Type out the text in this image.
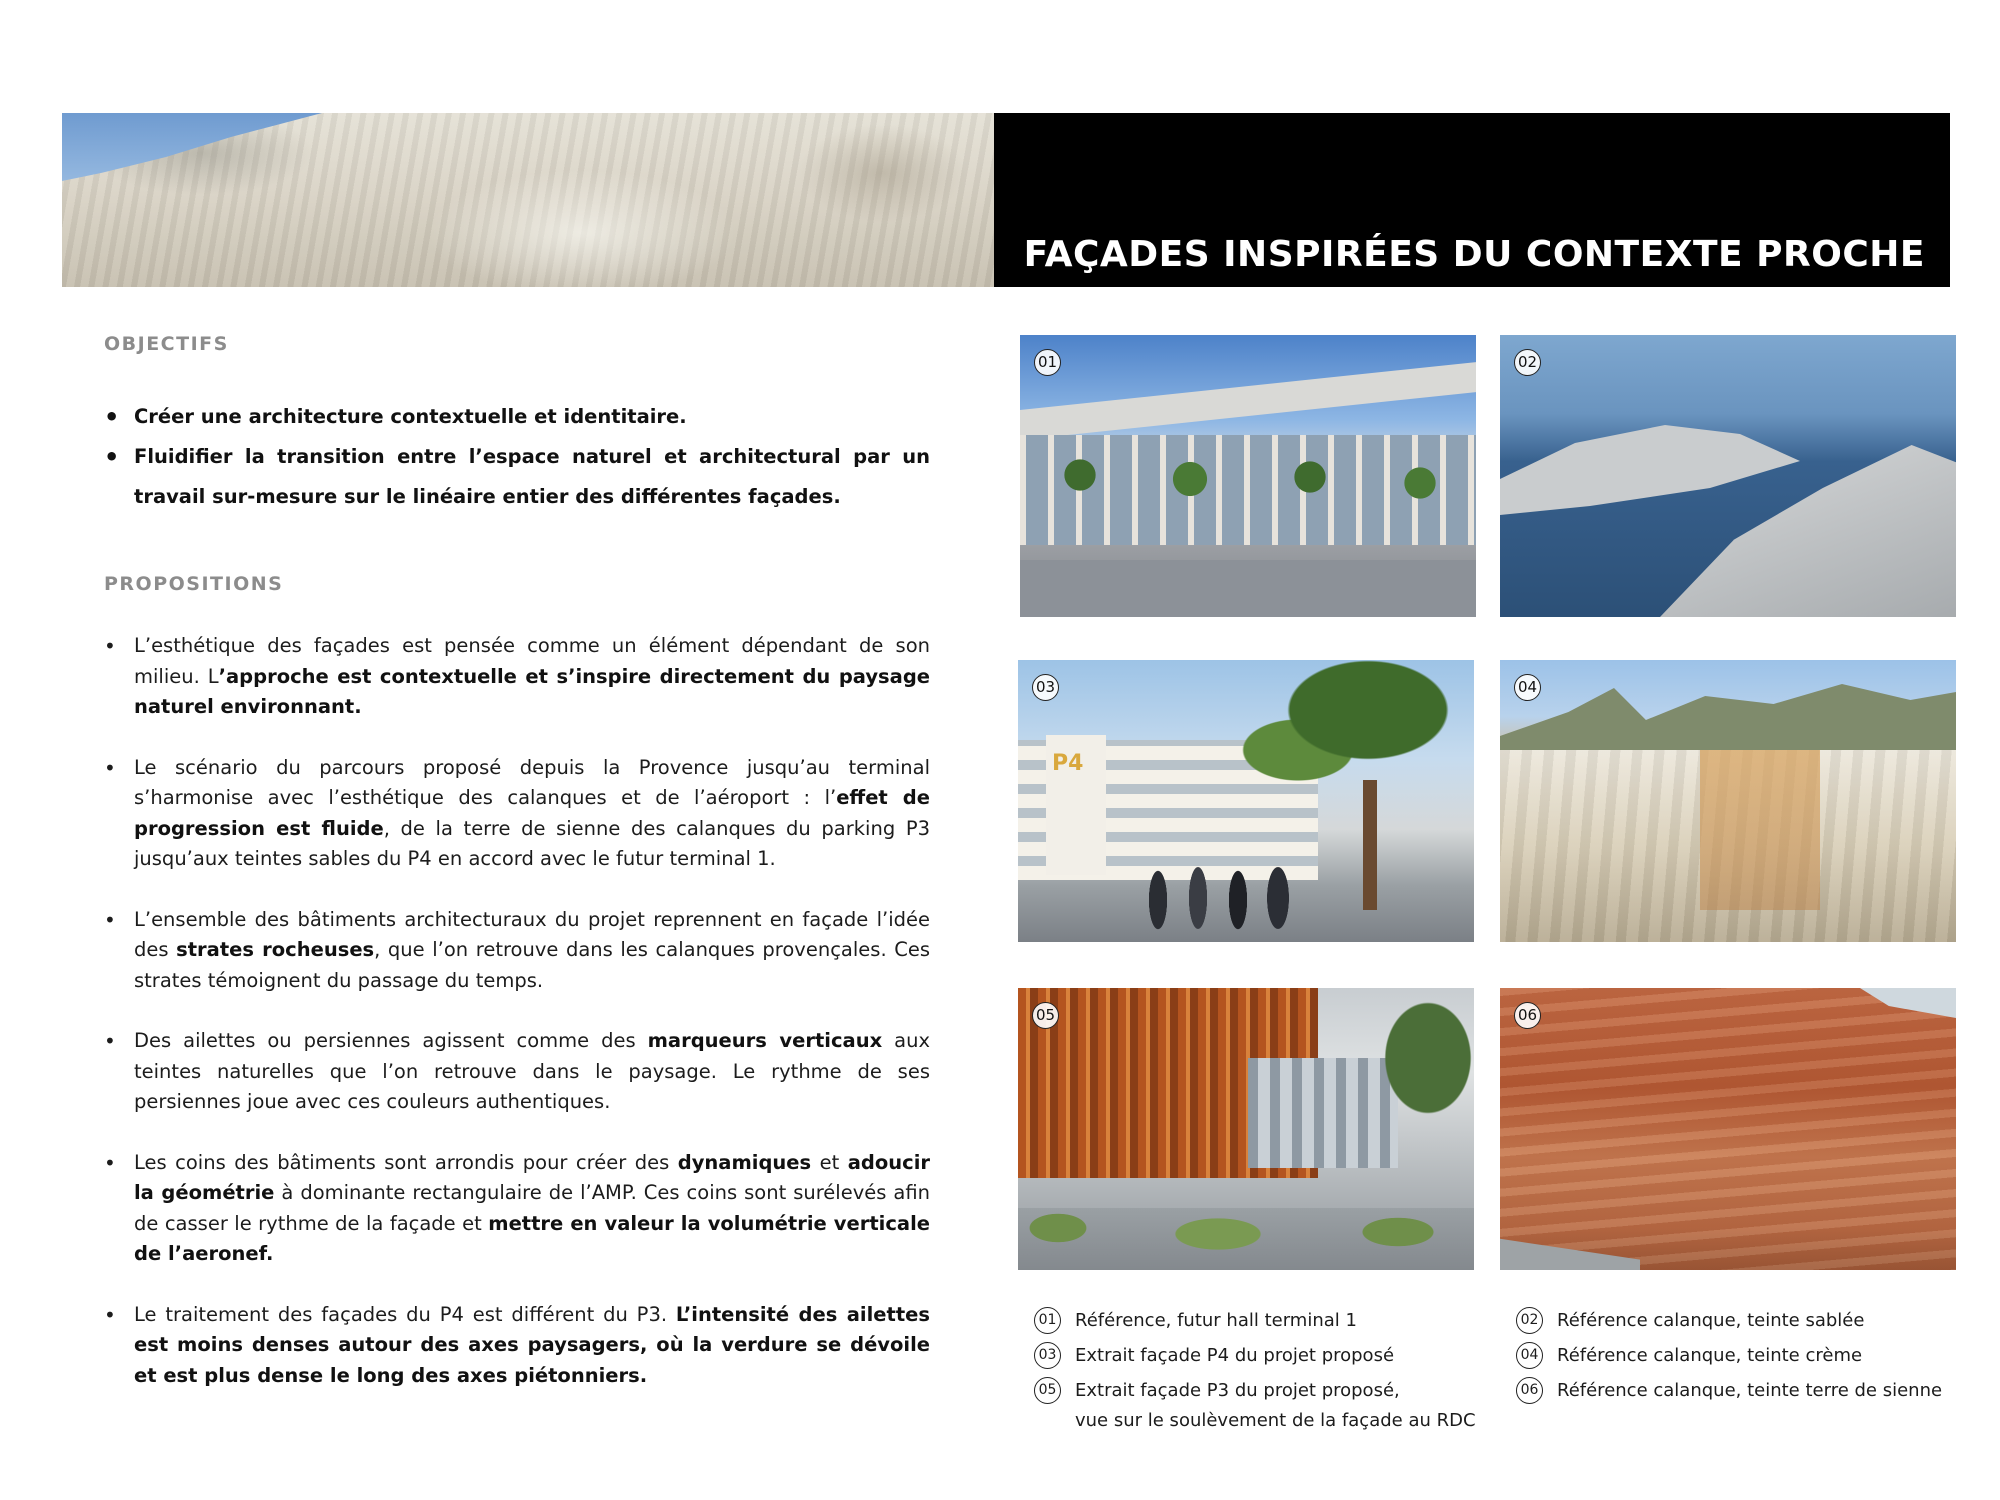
FAÇADES INSPIRÉES DU CONTEXTE PROCHE
OBJECTIFS
• Créer une architecture contextuelle et identitaire.
• Fluidifier la transition entre l’espace naturel et architectural par un travail sur-mesure sur le linéaire entier des différentes façades.
PROPOSITIONS
• L’esthétique des façades est pensée comme un élément dépendant de son milieu. L’approche est contextuelle et s’inspire directement du paysage naturel environnant.
• Le scénario du parcours proposé depuis la Provence jusqu’au terminal s’harmonise avec l’esthétique des calanques et de l’aéroport : l’effet de progression est fluide, de la terre de sienne des calanques du parking P3 jusqu’aux teintes sables du P4 en accord avec le futur terminal 1.
• L’ensemble des bâtiments architecturaux du projet reprennent en façade l’idée des strates rocheuses, que l’on retrouve dans les calanques provençales. Ces strates témoignent du passage du temps.
• Des ailettes ou persiennes agissent comme des marqueurs verticaux aux teintes naturelles que l’on retrouve dans le paysage. Le rythme de ses persiennes joue avec ces couleurs authentiques.
• Les coins des bâtiments sont arrondis pour créer des dynamiques et adoucir la géométrie à dominante rectangulaire de l’AMP. Ces coins sont surélevés afin de casser le rythme de la façade et mettre en valeur la volumétrie verticale de l’aeronef.
• Le traitement des façades du P4 est différent du P3. L’intensité des ailettes est moins denses autour des axes paysagers, où la verdure se dévoile et est plus dense le long des axes piétonniers.
01	02
P4
03	04
05	06
01 Référence, futur hall terminal 1
03 Extrait façade P4 du projet proposé
05 Extrait façade P3 du projet proposé,
vue sur le soulèvement de la façade au RDC
02 Référence calanque, teinte sablée
04 Référence calanque, teinte crème
06 Référence calanque, teinte terre de sienne
